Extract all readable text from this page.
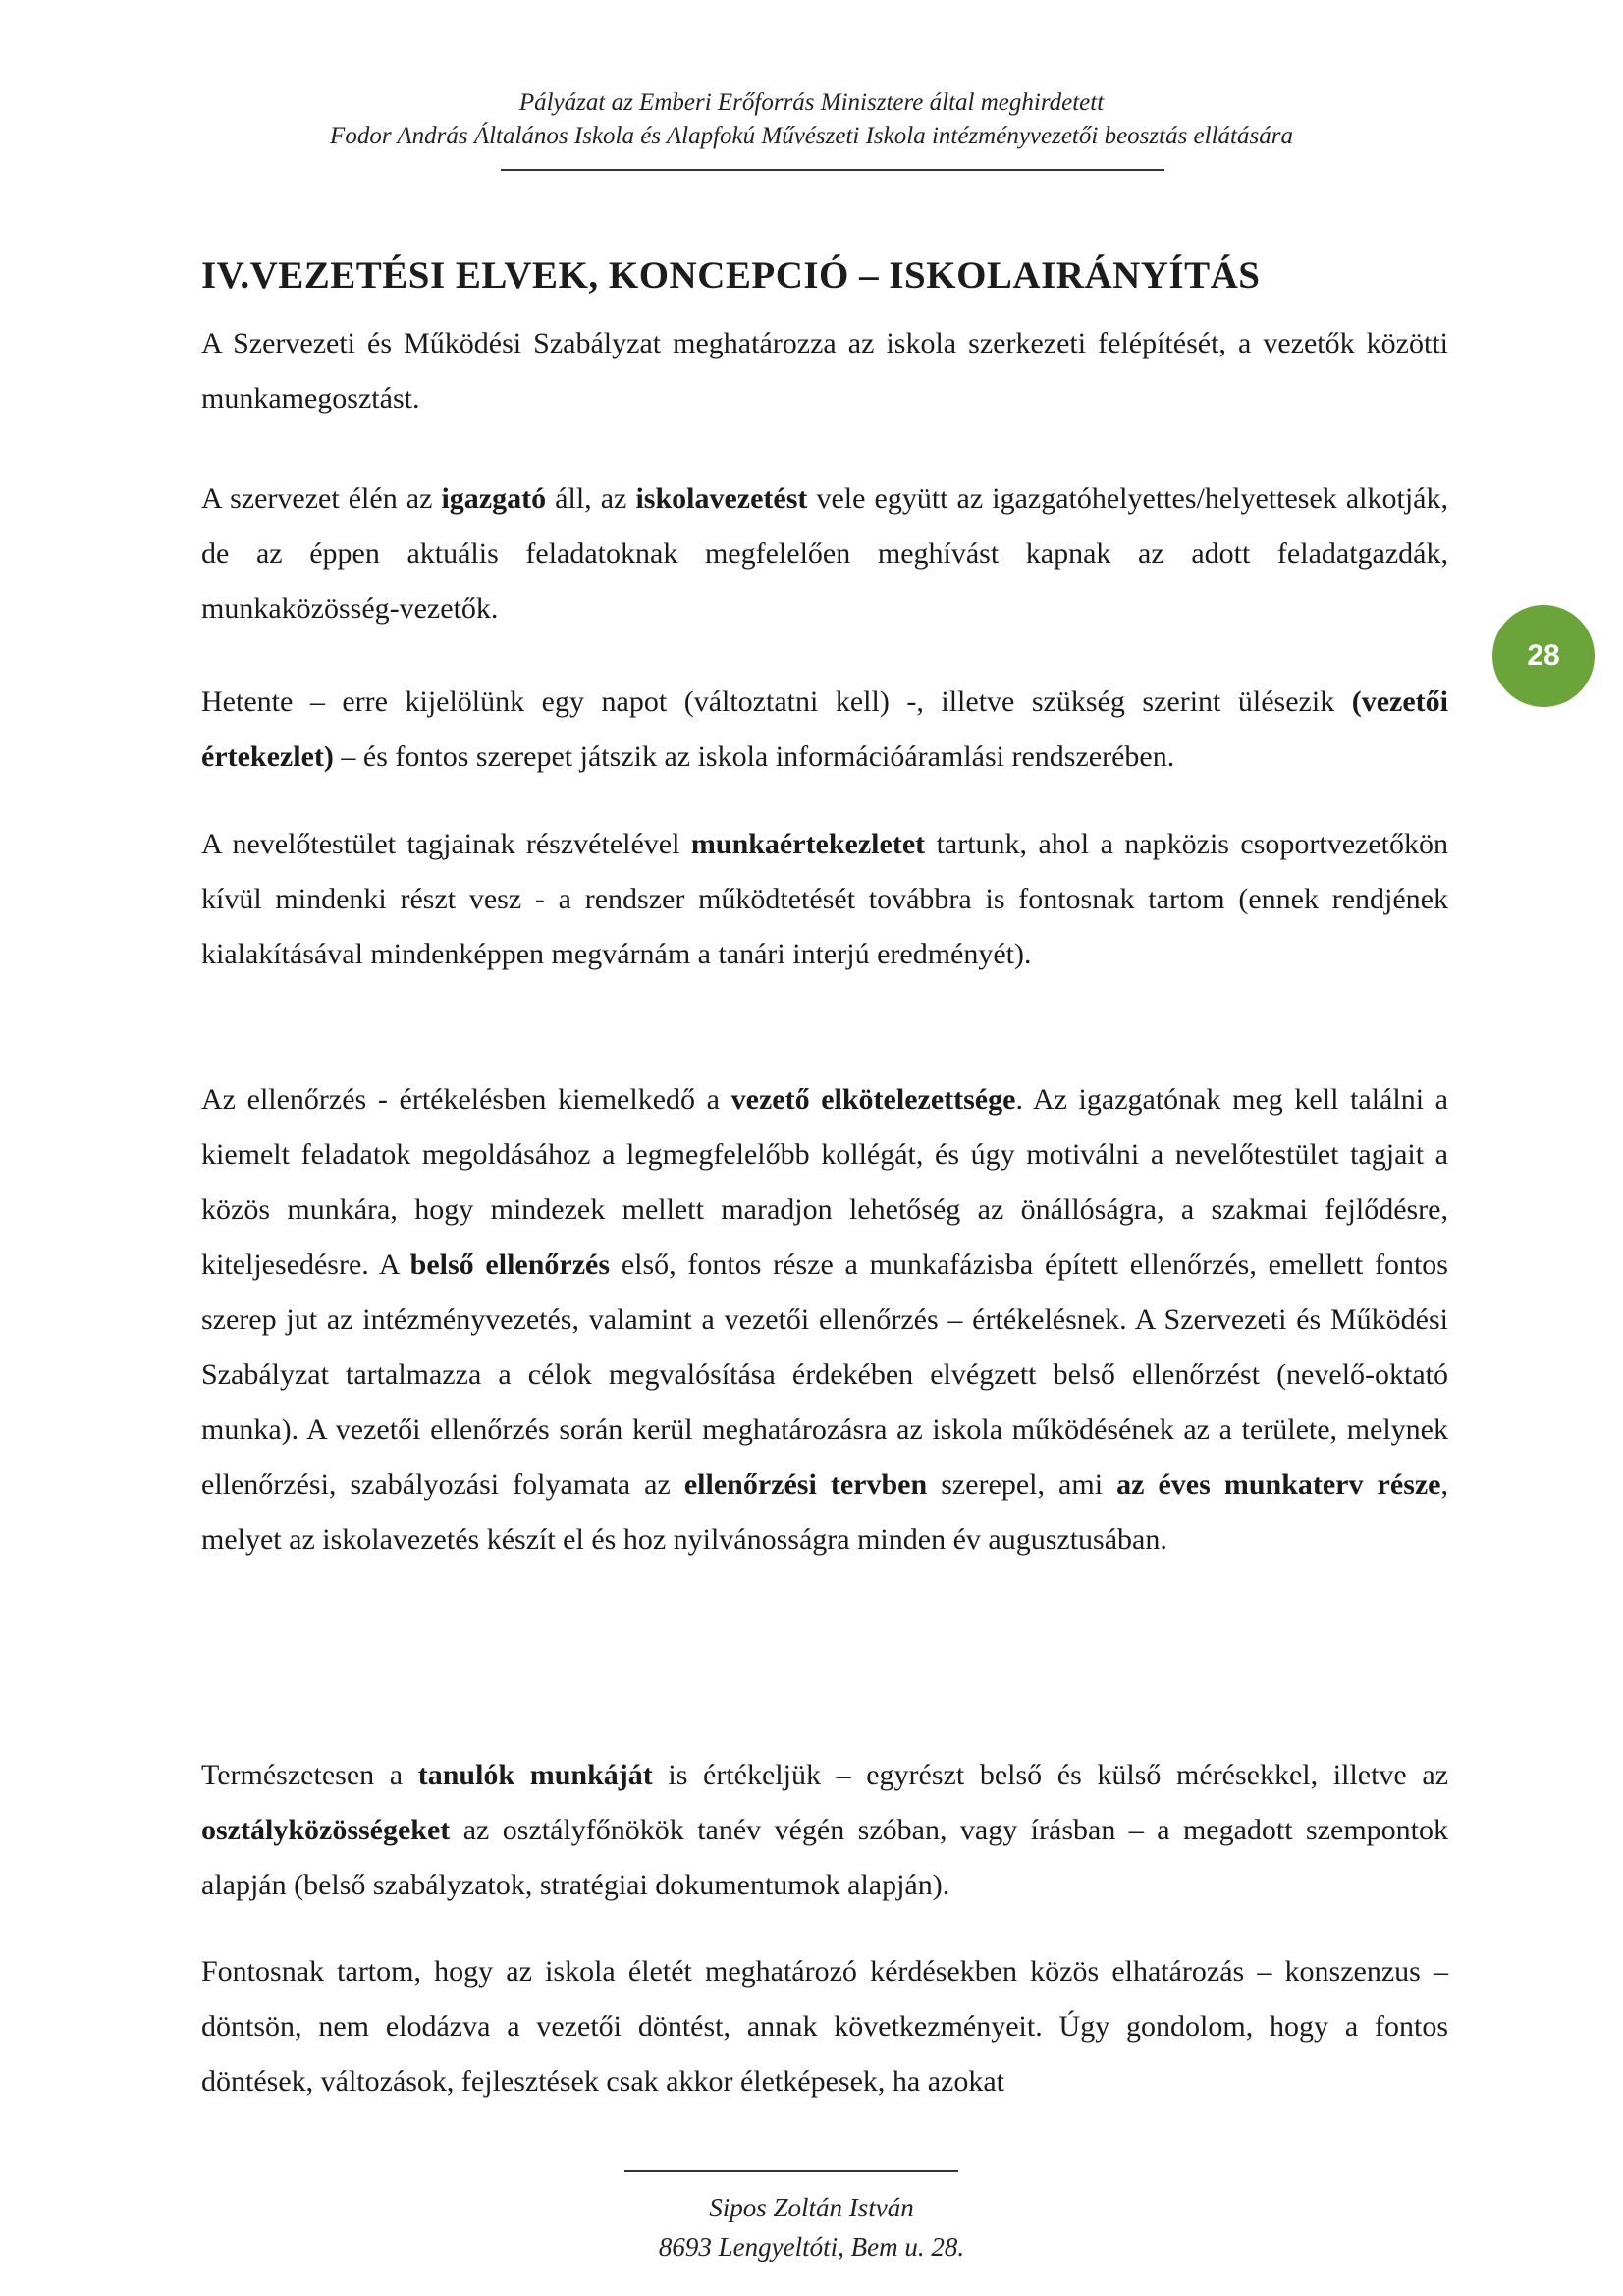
Pályázat az Emberi Erőforrás Minisztere által meghirdetett
Fodor András Általános Iskola és Alapfokú Művészeti Iskola intézményvezetői beosztás ellátására
IV.VEZETÉSI ELVEK, KONCEPCIÓ – ISKOLAIRÁNYÍTÁS

A Szervezeti és Működési Szabályzat meghatározza az iskola szerkezeti felépítését, a vezetők közötti munkamegosztást.

A szervezet élén az igazgató áll, az iskolavezetést vele együtt az igazgatóhelyettes/helyettesek alkotják, de az éppen aktuális feladatoknak megfelelően meghívást kapnak az adott feladatgazdák, munkaközösség-vezetők.

28

Hetente – erre kijelölünk egy napot (változtatni kell) -, illetve szükség szerint ülésezik (vezetői értekezlet) – és fontos szerepet játszik az iskola információáramlási rendszerében.

A nevelőtestület tagjainak részvételével munkaértekezletet tartunk, ahol a napközis csoportvezetőkön kívül mindenki részt vesz - a rendszer működtetését továbbra is fontosnak tartom (ennek rendjének kialakításával mindenképpen megvárnám a tanári interjú eredményét).

Az ellenőrzés - értékelésben kiemelkedő a vezető elkötelezettsége. Az igazgatónak meg kell találni a kiemelt feladatok megoldásához a legmegfelelőbb kollégát, és úgy motiválni a nevelőtestület tagjait a közös munkára, hogy mindezek mellett maradjon lehetőség az önállóságra, a szakmai fejlődésre, kiteljesedésre. A belső ellenőrzés első, fontos része a munkafázisba épített ellenőrzés, emellett fontos szerep jut az intézményvezetés, valamint a vezetői ellenőrzés – értékelésnek. A Szervezeti és Működési Szabályzat tartalmazza a célok megvalósítása érdekében elvégzett belső ellenőrzést (nevelő-oktató munka). A vezetői ellenőrzés során kerül meghatározásra az iskola működésének az a területe, melynek ellenőrzési, szabályozási folyamata az ellenőrzési tervben szerepel, ami az éves munkaterv része, melyet az iskolavezetés készít el és hoz nyilvánosságra minden év augusztusában.

Természetesen a tanulók munkáját is értékeljük – egyrészt belső és külső mérésekkel, illetve az osztályközösségeket az osztályfőnökök tanév végén szóban, vagy írásban – a megadott szempontok alapján (belső szabályzatok, stratégiai dokumentumok alapján).

Fontosnak tartom, hogy az iskola életét meghatározó kérdésekben közös elhatározás – konszenzus – döntsön, nem elodázva a vezetői döntést, annak következményeit. Úgy gondolom, hogy a fontos döntések, változások, fejlesztések csak akkor életképesek, ha azokat

Sipos Zoltán István
8693 Lengyeltóti, Bem u. 28.
